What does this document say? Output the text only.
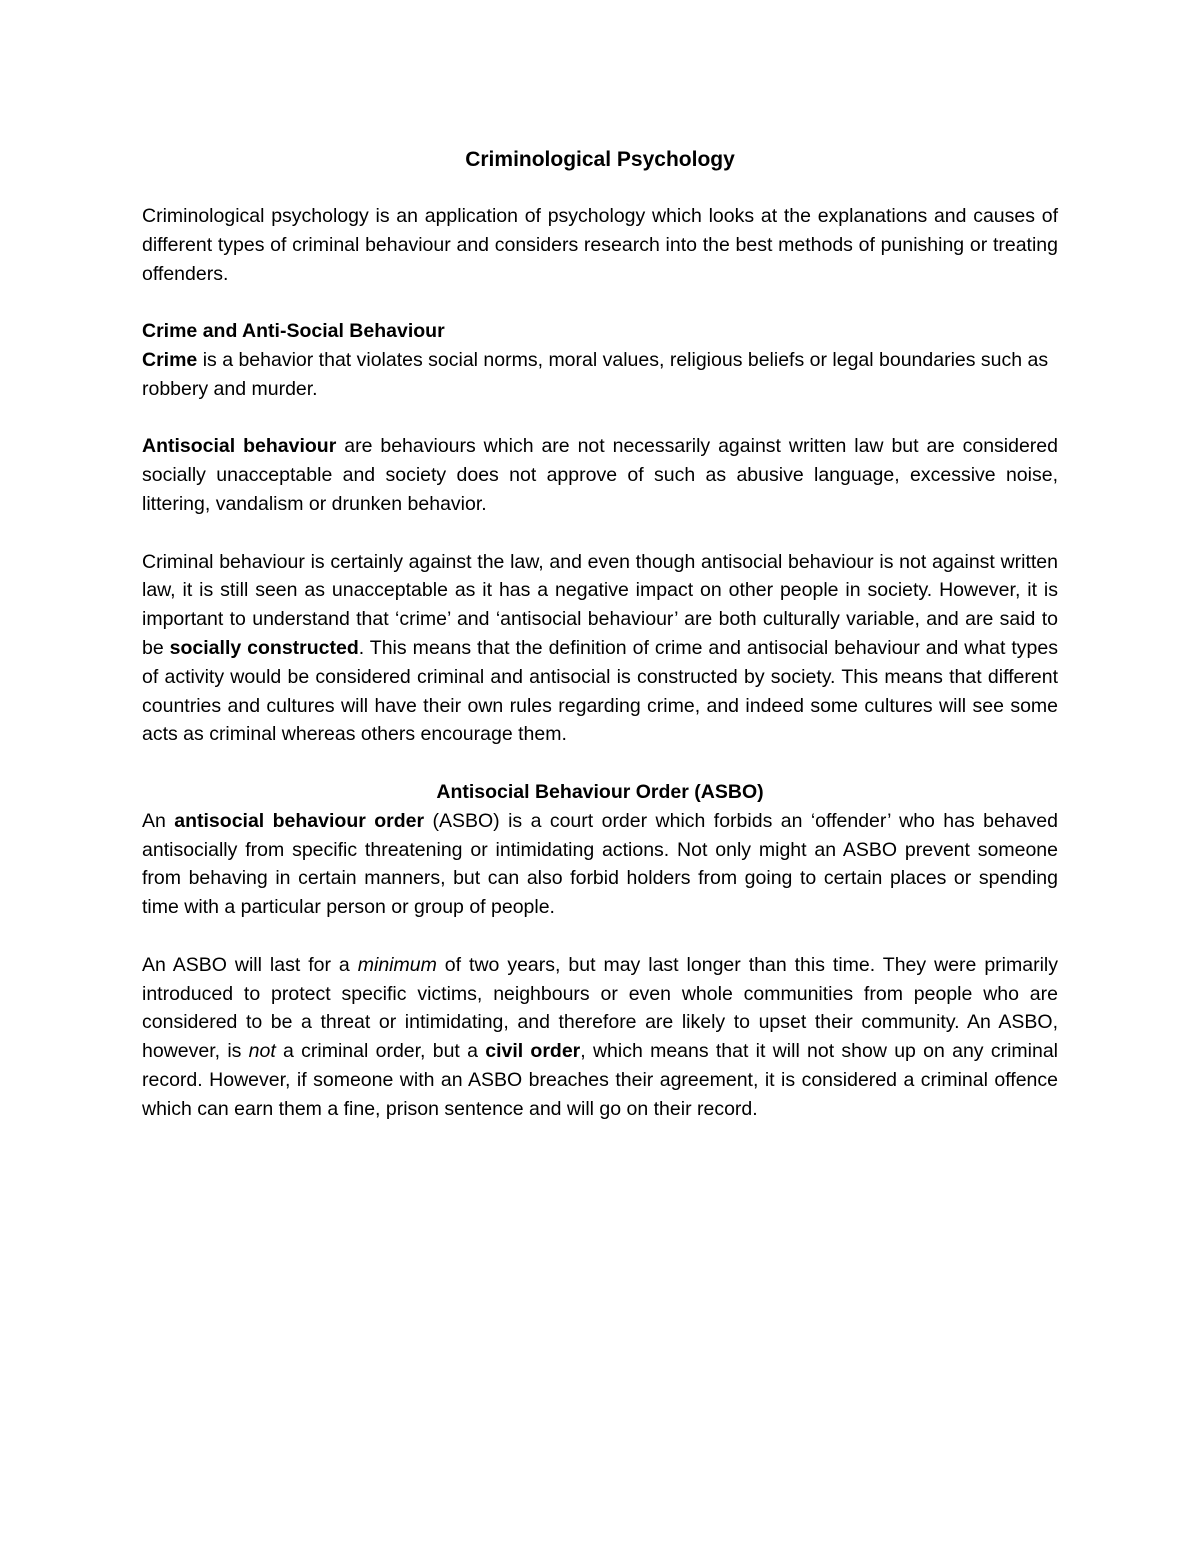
Criminological Psychology

Criminological psychology is an application of psychology which looks at the explanations and causes of different types of criminal behaviour and considers research into the best methods of punishing or treating offenders.

Crime and Anti-Social Behaviour

Crime is a behavior that violates social norms, moral values, religious beliefs or legal boundaries such as robbery and murder.

Antisocial behaviour are behaviours which are not necessarily against written law but are considered socially unacceptable and society does not approve of such as abusive language, excessive noise, littering, vandalism or drunken behavior.

Criminal behaviour is certainly against the law, and even though antisocial behaviour is not against written law, it is still seen as unacceptable as it has a negative impact on other people in society. However, it is important to understand that ‘crime’ and ‘antisocial behaviour’ are both culturally variable, and are said to be socially constructed. This means that the definition of crime and antisocial behaviour and what types of activity would be considered criminal and antisocial is constructed by society. This means that different countries and cultures will have their own rules regarding crime, and indeed some cultures will see some acts as criminal whereas others encourage them.

Antisocial Behaviour Order (ASBO)

An antisocial behaviour order (ASBO) is a court order which forbids an ‘offender’ who has behaved antisocially from specific threatening or intimidating actions. Not only might an ASBO prevent someone from behaving in certain manners, but can also forbid holders from going to certain places or spending time with a particular person or group of people.

An ASBO will last for a minimum of two years, but may last longer than this time. They were primarily introduced to protect specific victims, neighbours or even whole communities from people who are considered to be a threat or intimidating, and therefore are likely to upset their community. An ASBO, however, is not a criminal order, but a civil order, which means that it will not show up on any criminal record. However, if someone with an ASBO breaches their agreement, it is considered a criminal offence which can earn them a fine, prison sentence and will go on their record.
